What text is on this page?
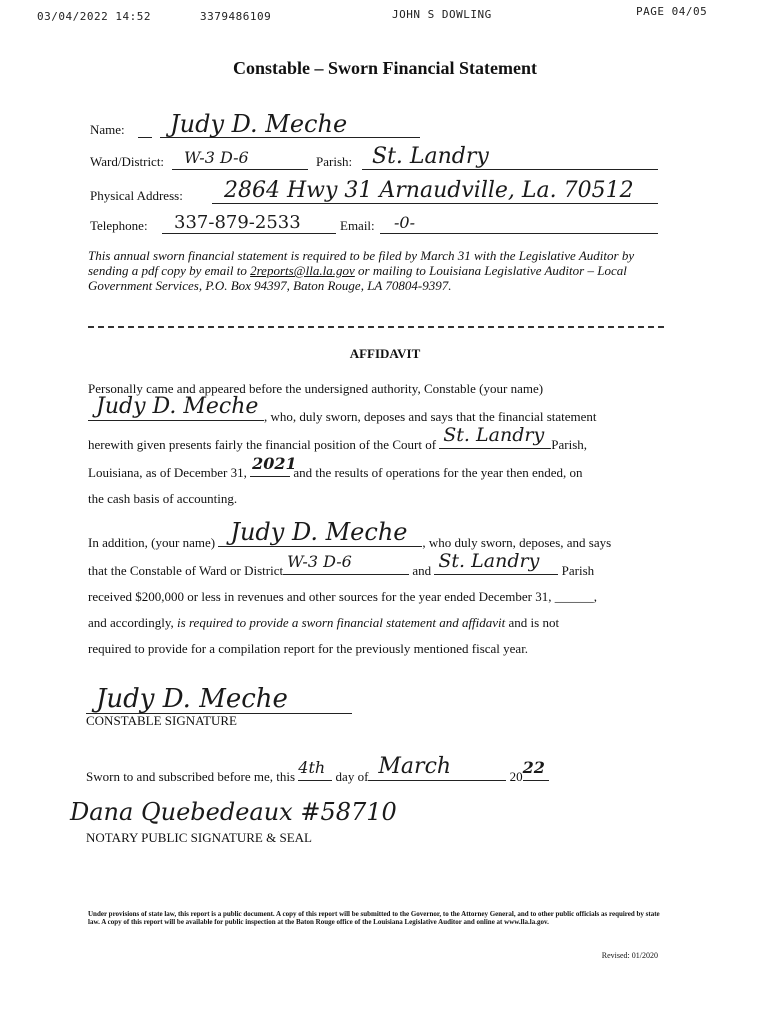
03/04/2022 14:52	3379486109	JOHN S DOWLING	PAGE 04/05
Constable – Sworn Financial Statement
Name: Judy D. Meche
Ward/District: W-3 D-6	Parish: St. Landry
Physical Address: 2864 Hwy 31 Arnaudville, La. 70512
Telephone: 337-879-2533	Email: -0-
This annual sworn financial statement is required to be filed by March 31 with the Legislative Auditor by sending a pdf copy by email to 2reports@lla.la.gov or mailing to Louisiana Legislative Auditor – Local Government Services, P.O. Box 94397, Baton Rouge, LA 70804-9397.
AFFIDAVIT
Personally came and appeared before the undersigned authority, Constable (your name)
Judy D. Meche , who, duly sworn, deposes and says that the financial statement
herewith given presents fairly the financial position of the Court of St. Landry Parish,
Louisiana, as of December 31, 2021
and the results of operations for the year then ended, on
the cash basis of accounting.
In addition, (your name) Judy D. Meche , who duly sworn, deposes, and says
that the Constable of Ward or District W-3 D-6	and St. Landry Parish
received $200,000 or less in revenues and other sources for the year ended December 31, ______,
and accordingly, is required to provide a sworn financial statement and affidavit and is not
required to provide for a compilation report for the previously mentioned fiscal year.
Judy D. Meche
CONSTABLE SIGNATURE
Sworn to and subscribed before me, this 4th day of March	20 22
Dana Quebedeaux #58710
NOTARY PUBLIC SIGNATURE & SEAL
Under provisions of state law, this report is a public document. A copy of this report will be submitted to the Governor, to the Attorney General, and to other public officials as required by state law. A copy of this report will be available for public inspection at the Baton Rouge office of the Louisiana Legislative Auditor and online at www.lla.la.gov.
Revised: 01/2020
